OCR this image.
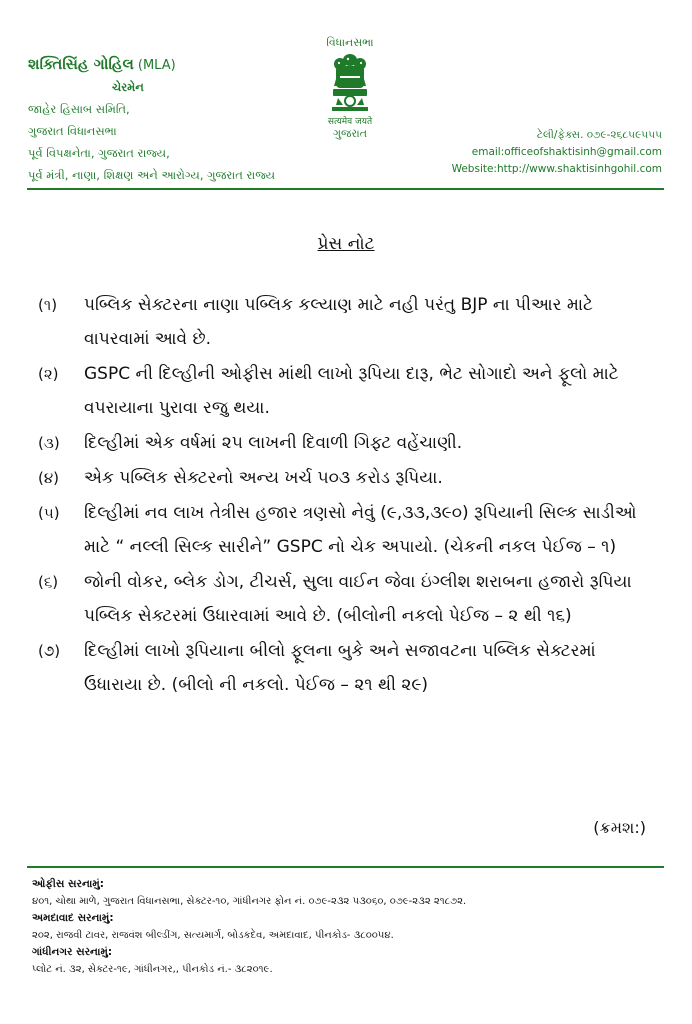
શક્તિસિંહ ગોહિલ (MLA)
ચેરમેન
જાહેર હિસાબ સમિતિ,
ગુજરાત વિધાનસભા
પૂર્વ વિપક્ષનેતા, ગુજરાત રાજ્ય,
પૂર્વ મંત્રી, નાણા, શિક્ષણ અને આરોગ્ય, ગુજરાત રાજ્ય
વિધાનસભા
सत्यमेव जयते
ગુજરાત	ટેલી/ફેક્સ. ૦૭૯-૨૬૮૫૯૫૫૫
email:officeofshaktisinh@gmail.com
Website:http://www.shaktisinhgohil.com
પ્રેસ નોટ
(૧) પબ્લિક સેક્ટરના નાણા પબ્લિક કલ્યાણ માટે નહી પરંતુ BJP ના પીઆર માટે વાપરવામાં આવે છે.
(૨) GSPC ની દિલ્હીની ઓફીસ માંથી લાખો રૂપિયા દારૂ, ભેટ સોગાદો અને ફૂલો માટે વપરાયાના પુરાવા રજુ થયા.
(૩) દિલ્હીમાં એક વર્ષમાં ૨૫ લાખની દિવાળી ગિફ્ટ વહેંચાણી.
(૪) એક પબ્લિક સેક્ટરનો અન્ય ખર્ચ ૫૦૩ કરોડ રૂપિયા.
(૫) દિલ્હીમાં નવ લાખ તેત્રીસ હજાર ત્રણસો નેવું (૯,૩૩,૩૯૦) રૂપિયાની સિલ્ક સાડીઓ માટે “ નલ્લી સિલ્ક સારીને” GSPC નો ચેક અપાયો. (ચેકની નકલ પેઈજ – ૧)
(૬) જોની વોકર, બ્લેક ડોગ, ટીચર્સ, સુલા વાઈન જેવા ઇંગ્લીશ શરાબના હજારો રૂપિયા પબ્લિક સેક્ટરમાં ઉધારવામાં આવે છે. (બીલોની નકલો પેઈજ – ૨ થી ૧૬)
(૭) દિલ્હીમાં લાખો રૂપિયાના બીલો ફૂલના બુકે અને સજાવટના પબ્લિક સેક્ટરમાં ઉધારાયા છે. (બીલો ની નકલો. પેઈજ – ૨૧ થી ૨૯)
(ક્રમશ:)
ઓફીસ સરનામું:
૪૦૧, ચોથા માળે, ગુજરાત વિધાનસભા, સેક્ટર-૧૦, ગાંધીનગર ફોન નં. ૦૭૯-૨૩૨ ૫૩૦૬૦, ૦૭૯-૨૩૨ ૨૧૮૭૨.
અમદાવાદ સરનામું:
૨૦૨, રાજવી ટાવર, રાજવંશ બીલ્ડીંગ, સત્યમાર્ગ, બોડકદેવ, અમદાવાદ, પીનકોડ- ૩૮૦૦૫૪.
ગાંધીનગર સરનામું:
પ્લોટ નં. ૩૨, સેક્ટર-૧૯, ગાંધીનગર,, પીનકોડ નં.- ૩૮૨૦૧૯.
